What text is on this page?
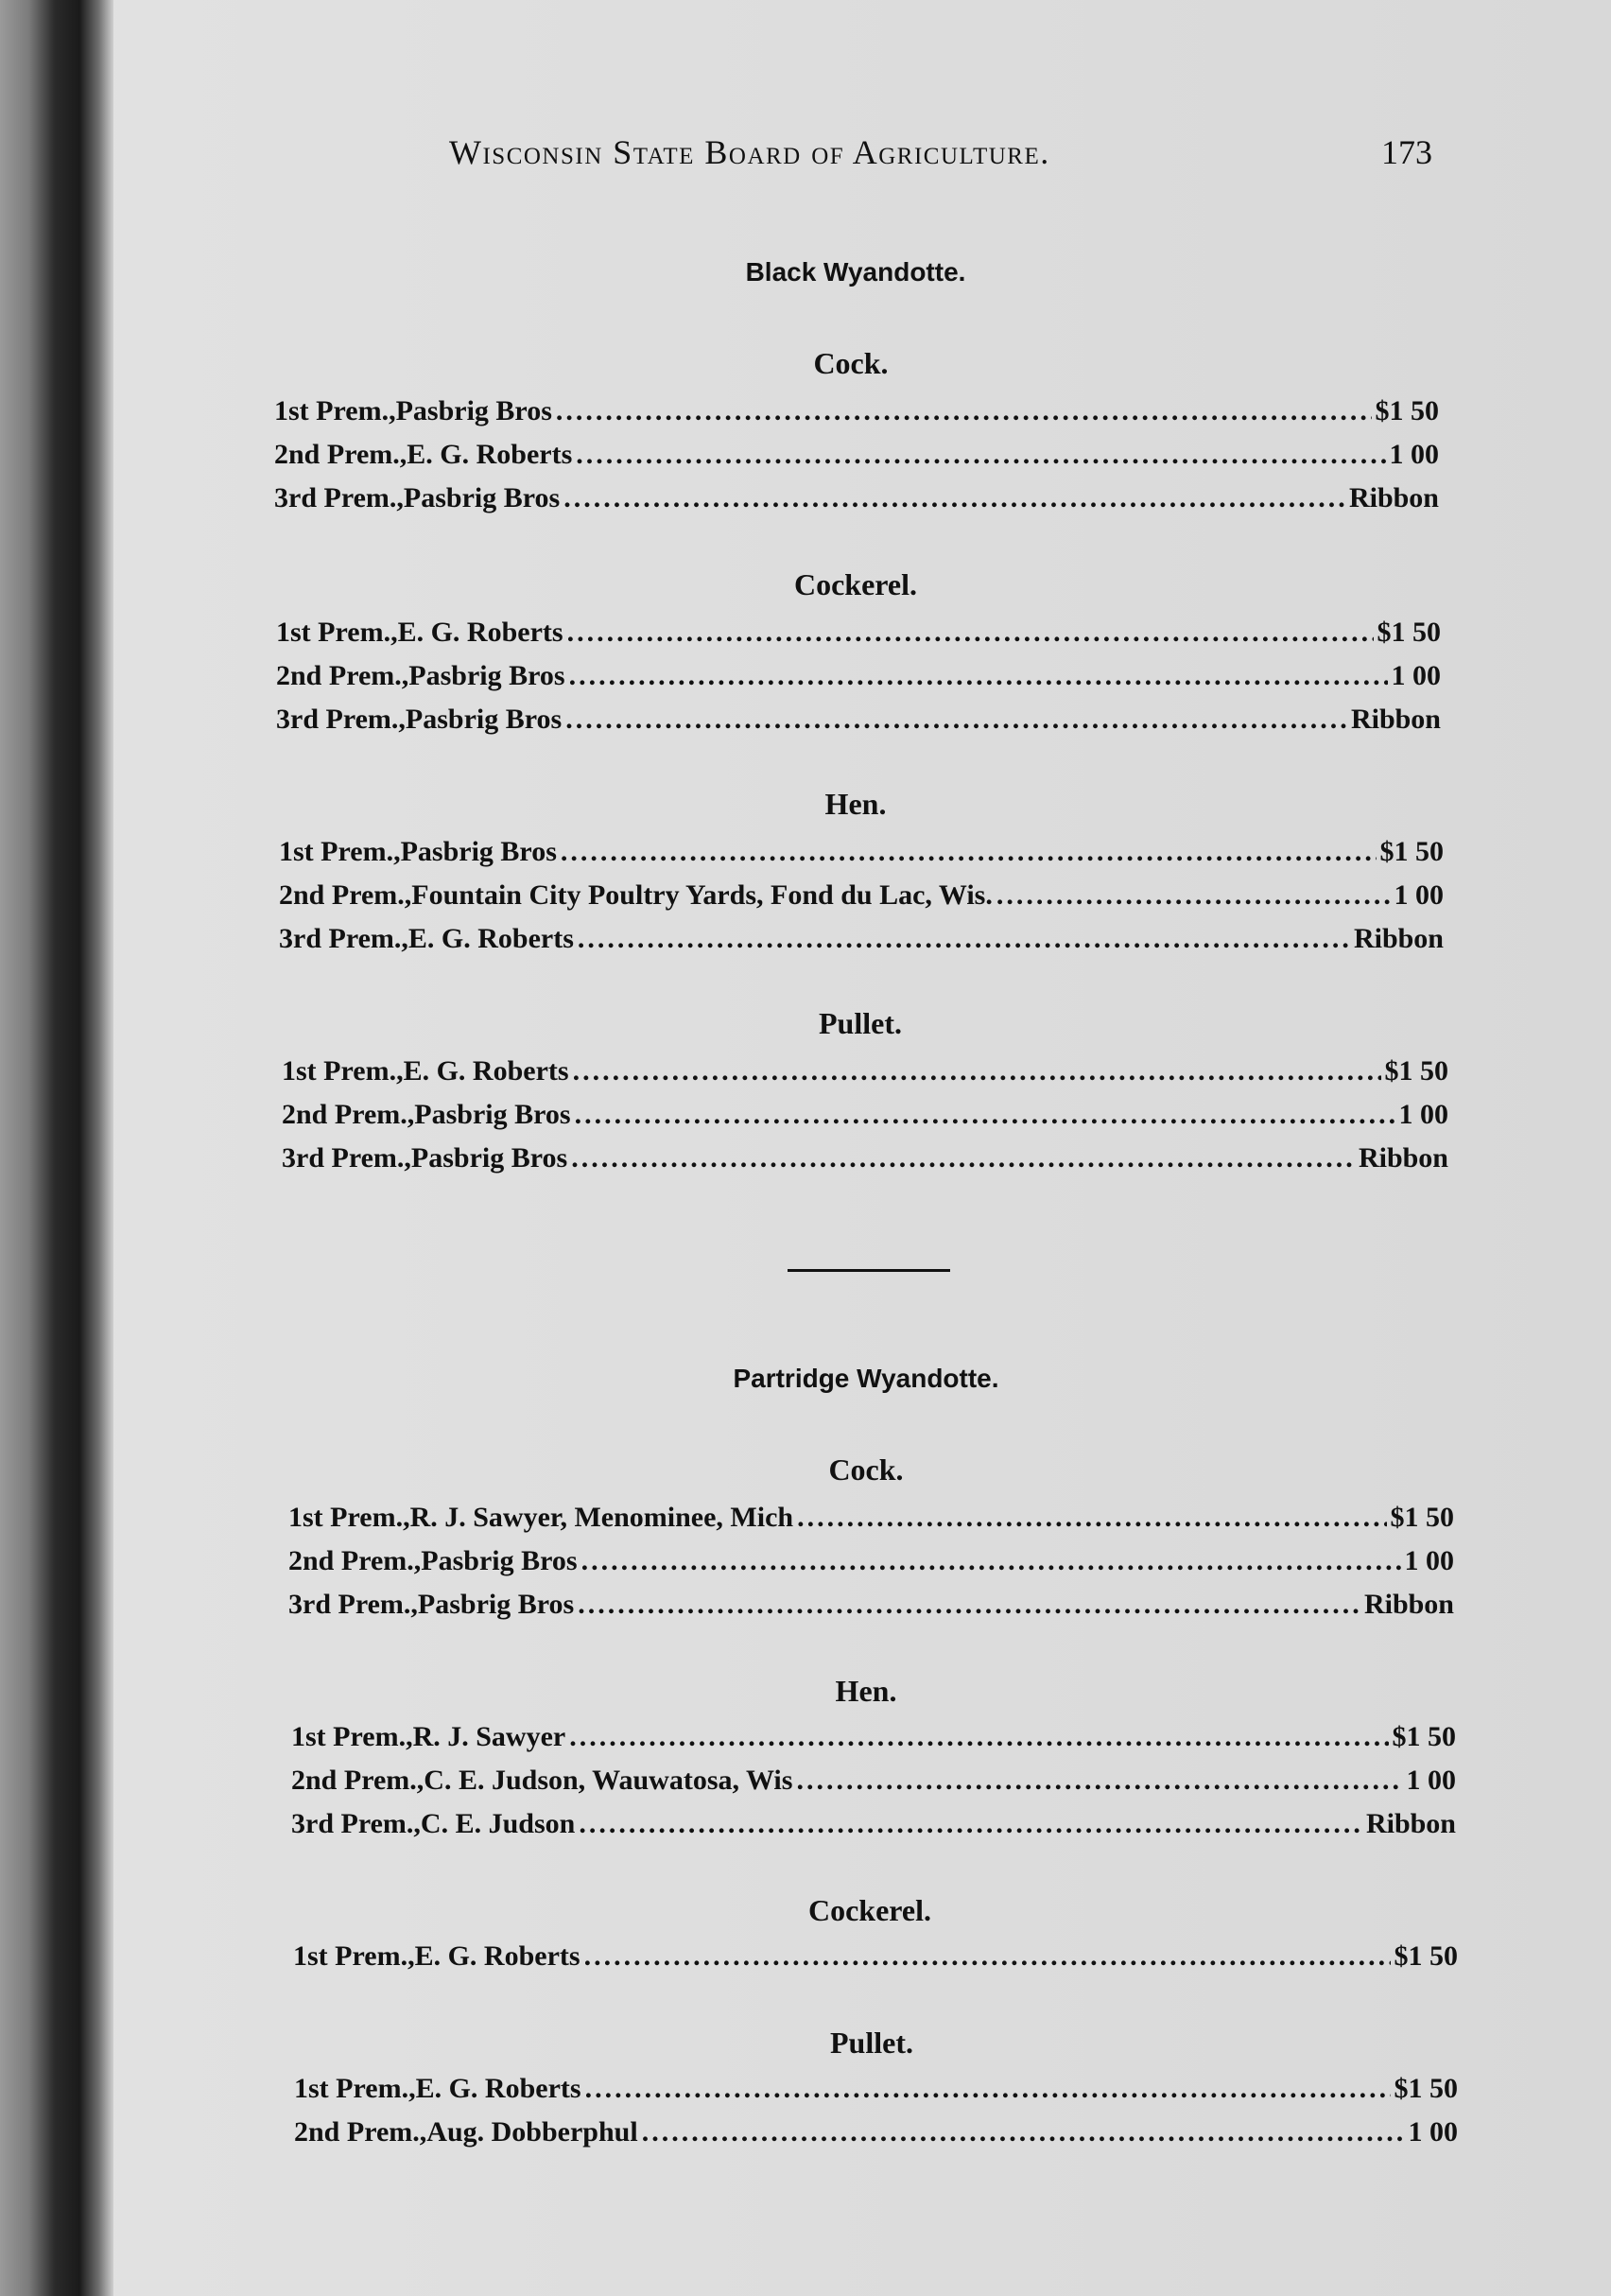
Wisconsin State Board of Agriculture.	173
Black Wyandotte.
Cock.
1st Prem. , Pasbrig Bros .....	$1 50
2nd Prem. , E. G. Roberts .....	1 00
3rd Prem. , Pasbrig Bros .....	Ribbon
Cockerel.
1st Prem. , E. G. Roberts .....	$1 50
2nd Prem. , Pasbrig Bros .....	1 00
3rd Prem. , Pasbrig Bros .....	Ribbon
Hen.
1st Prem. , Pasbrig Bros .....	$1 50
2nd Prem. , Fountain City Poultry Yards, Fond du Lac, Wis. .....	1 00
3rd Prem. , E. G. Roberts .....	Ribbon
Pullet.
1st Prem. , E. G. Roberts .....	$1 50
2nd Prem. , Pasbrig Bros .....	1 00
3rd Prem. , Pasbrig Bros .....	Ribbon
Partridge Wyandotte.
Cock.
1st Prem. , R. J. Sawyer, Menominee, Mich .....	$1 50
2nd Prem. , Pasbrig Bros .....	1 00
3rd Prem. , Pasbrig Bros .....	Ribbon
Hen.
1st Prem. , R. J. Sawyer .....	$1 50
2nd Prem. , C. E. Judson, Wauwatosa, Wis .....	1 00
3rd Prem. , C. E. Judson .....	Ribbon
Cockerel.
1st Prem. , E. G. Roberts .....	$1 50
Pullet.
1st Prem. , E. G. Roberts .....	$1 50
2nd Prem. , Aug. Dobberphul .....	1 00
